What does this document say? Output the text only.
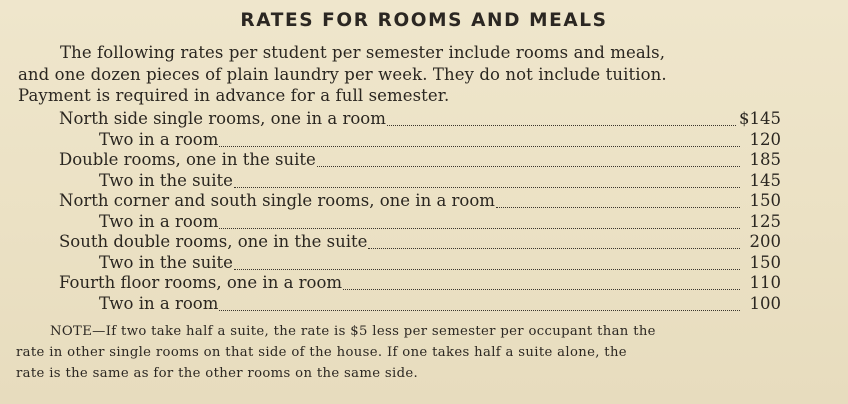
RATES FOR ROOMS AND MEALS
The following rates per student per semester include rooms and meals,
and one dozen pieces of plain laundry per week. They do not include tuition.
Payment is required in advance for a full semester.
North side single rooms, one in a room	$145
Two in a room	120
Double rooms, one in the suite	185
Two in the suite	145
North corner and south single rooms, one in a room	150
Two in a room	125
South double rooms, one in the suite	200
Two in the suite	150
Fourth floor rooms, one in a room	110
Two in a room	100
NOTE—If two take half a suite, the rate is $5 less per semester per occupant than the
rate in other single rooms on that side of the house. If one takes half a suite alone, the
rate is the same as for the other rooms on the same side.
